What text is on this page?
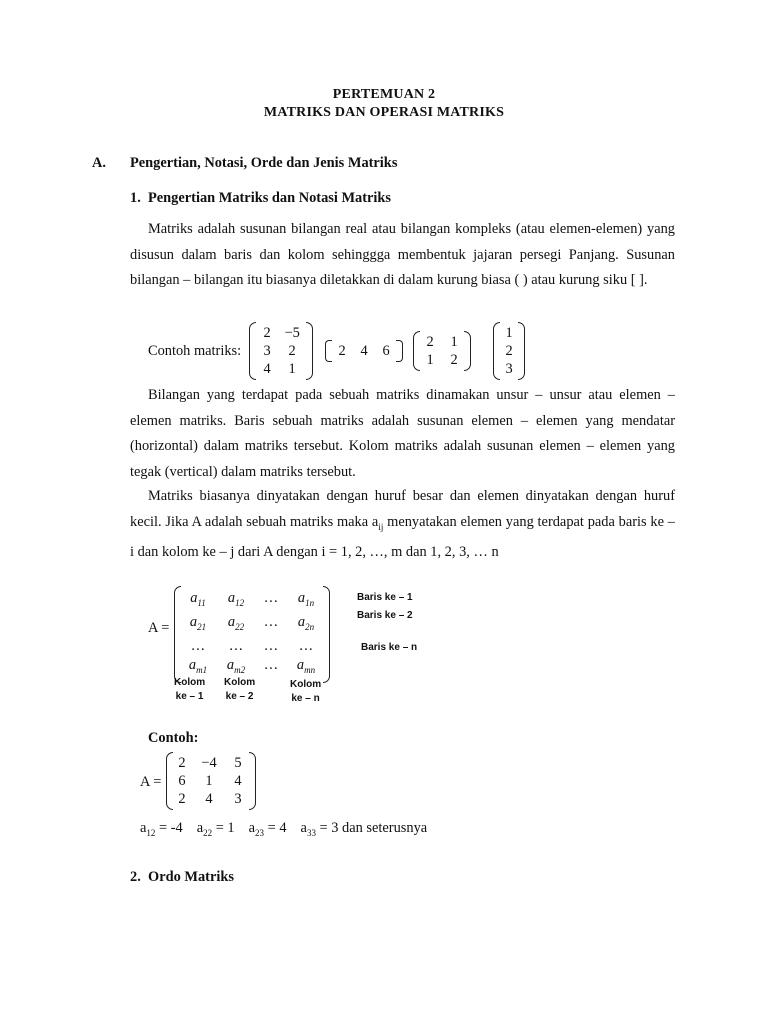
PERTEMUAN 2
MATRIKS DAN OPERASI MATRIKS
A. Pengertian, Notasi, Orde dan Jenis Matriks
1. Pengertian Matriks dan Notasi Matriks
Matriks adalah susunan bilangan real atau bilangan kompleks (atau elemen-elemen) yang disusun dalam baris dan kolom sehinggga membentuk jajaran persegi Panjang. Susunan bilangan – bilangan itu biasanya diletakkan di dalam kurung biasa ( ) atau kurung siku [ ].
Contoh matriks:
2 −5
3	2
4	1
2 4 6
2 1
1 2
1
2
3
Bilangan yang terdapat pada sebuah matriks dinamakan unsur – unsur atau elemen – elemen matriks. Baris sebuah matriks adalah susunan elemen – elemen yang mendatar (horizontal) dalam matriks tersebut. Kolom matriks adalah susunan elemen – elemen yang tegak (vertical) dalam matriks tersebut.
Matriks biasanya dinyatakan dengan huruf besar dan elemen dinyatakan dengan huruf kecil. Jika A adalah sebuah matriks maka $a_{ij}$ menyatakan elemen yang terdapat pada baris ke – i dan kolom ke – j dari A dengan i = 1, 2, …, m dan 1, 2, 3, … n
A =
$a_{11}$	$a_{12}$	…	$a_{1n}$
$a_{21}$	$a_{22}$	…	$a_{2n}$
…	…	…	…
$a_{m1}$	$a_{m2}$	…	$a_{mn}$
Baris ke – 1
Baris ke – 2
Baris ke – n
Kolom
ke – 1
Kolom
ke – 2
Kolom
ke – n
Contoh:
A =
2	−4	5
6	1	4
2	4	3
$a_{12} = -4$ $a_{22} = 1$ $a_{23} = 4$ $a_{33} = 3$ dan seterusnya
2. Ordo Matriks
